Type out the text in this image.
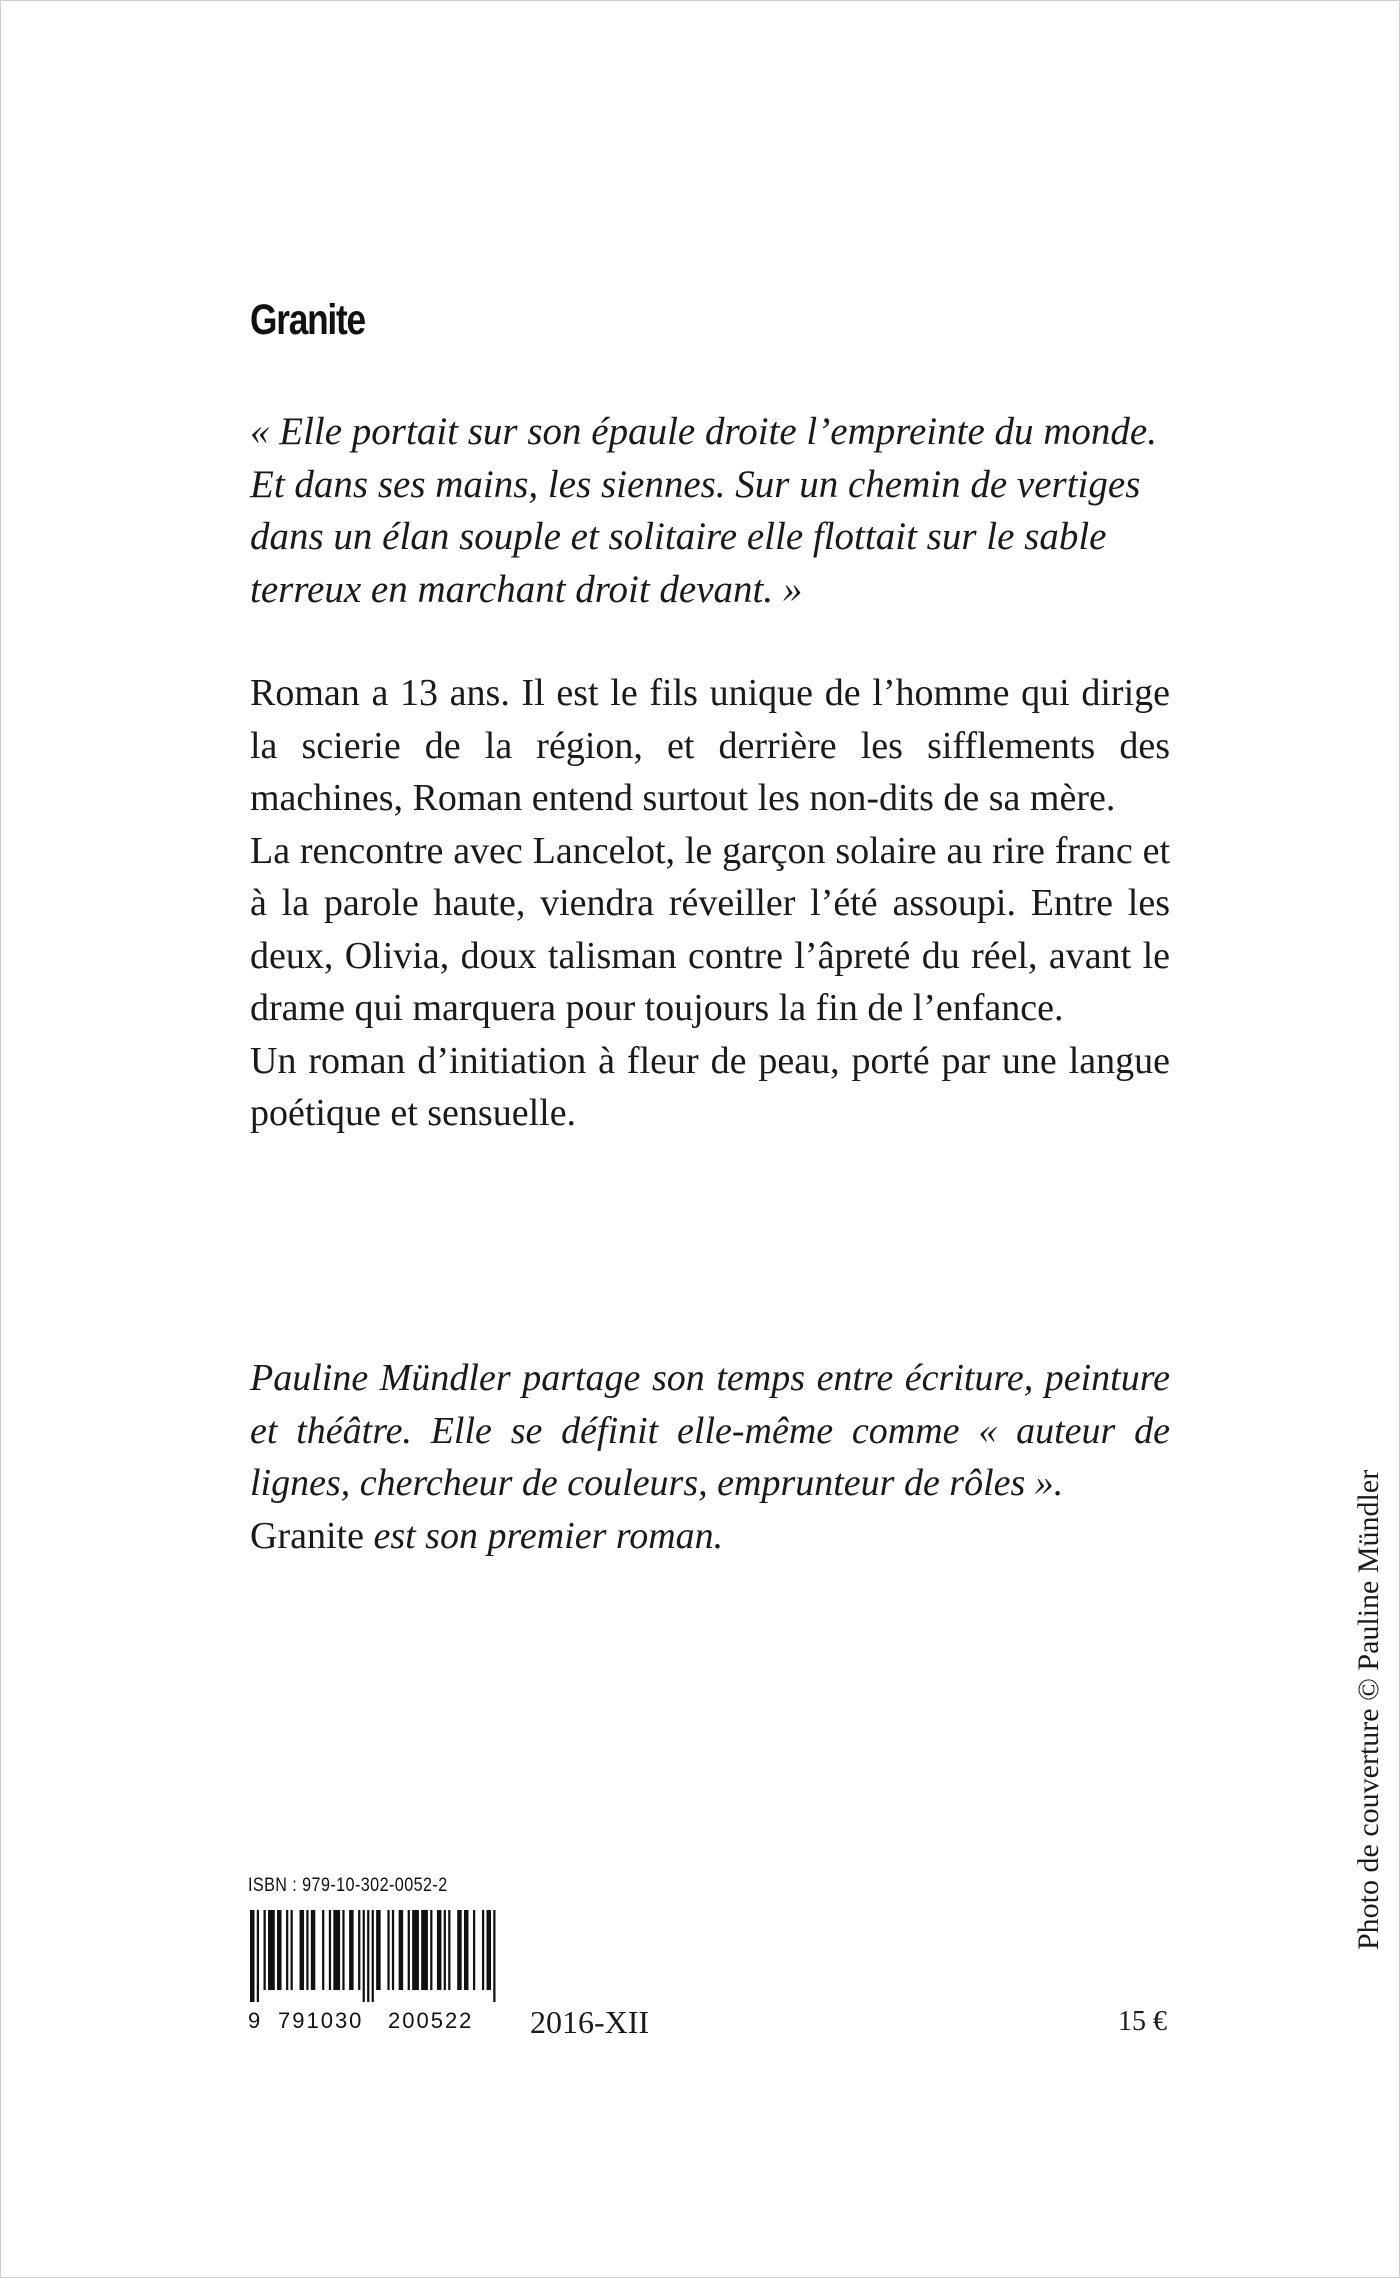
Granite

« Elle portait sur son épaule droite l’empreinte du monde.

Et dans ses mains, les siennes. Sur un chemin de vertiges

dans un élan souple et solitaire elle flottait sur le sable

terreux en marchant droit devant. »

Roman a 13 ans. Il est le fils unique de l’homme qui dirige la scierie de la région, et derrière les sifflements des machines, Roman entend surtout les non-dits de sa mère.

La rencontre avec Lancelot, le garçon solaire au rire franc et à la parole haute, viendra réveiller l’été assoupi. Entre les deux, Olivia, doux talisman contre l’âpreté du réel, avant le drame qui marquera pour toujours la fin de l’enfance.

Un roman d’initiation à fleur de peau, porté par une langue poétique et sensuelle.

Pauline Mündler partage son temps entre écriture, peinture et théâtre. Elle se définit elle-même comme « auteur de lignes, chercheur de couleurs, emprunteur de rôles ».

Granite est son premier roman.	Photo de couverture © Pauline Mündler
ISBN : 979-10-302-0052-2
9 791030 200522 2016-XII	15 €
